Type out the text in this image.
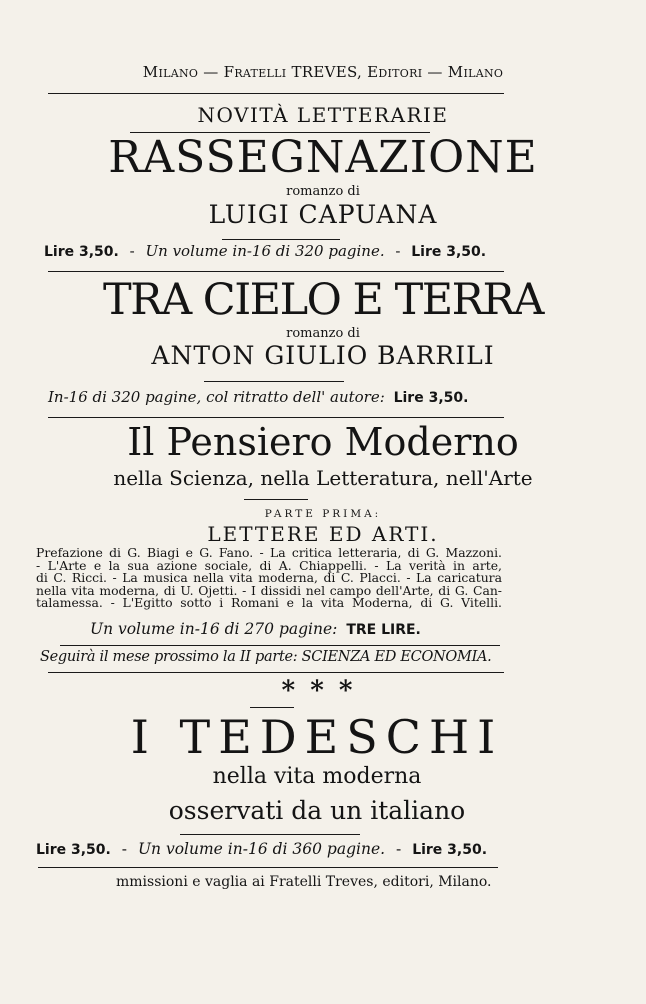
Milano — Fratelli TREVES, Editori — Milano
NOVITÀ LETTERARIE
RASSEGNAZIONE
romanzo di
LUIGI CAPUANA
Lire 3,50. - Un volume in-16 di 320 pagine. - Lire 3,50.
TRA CIELO E TERRA
romanzo di
ANTON GIULIO BARRILI
In-16 di 320 pagine, col ritratto dell' autore: Lire 3,50.
Il Pensiero Moderno
nella Scienza, nella Letteratura, nell'Arte
PARTE PRIMA:
LETTERE ED ARTI.
Prefazione di G. Biagi e G. Fano. - La critica letteraria, di G. Mazzoni.
- L'Arte e la sua azione sociale, di A. Chiappelli. - La verità in arte,
di C. Ricci. - La musica nella vita moderna, di C. Placci. - La caricatura
nella vita moderna, di U. Ojetti. - I dissidi nel campo dell'Arte, di G. Can-
talamessa. - L'Egitto sotto i Romani e la vita Moderna, di G. Vitelli.
Un volume in-16 di 270 pagine: TRE LIRE.
Seguirà il mese prossimo la II parte: SCIENZA ED ECONOMIA.
* * *
I TEDESCHI
nella vita moderna
osservati da un italiano
Lire 3,50. - Un volume in-16 di 360 pagine. - Lire 3,50.
mmissioni e vaglia ai Fratelli Treves, editori, Milano.
